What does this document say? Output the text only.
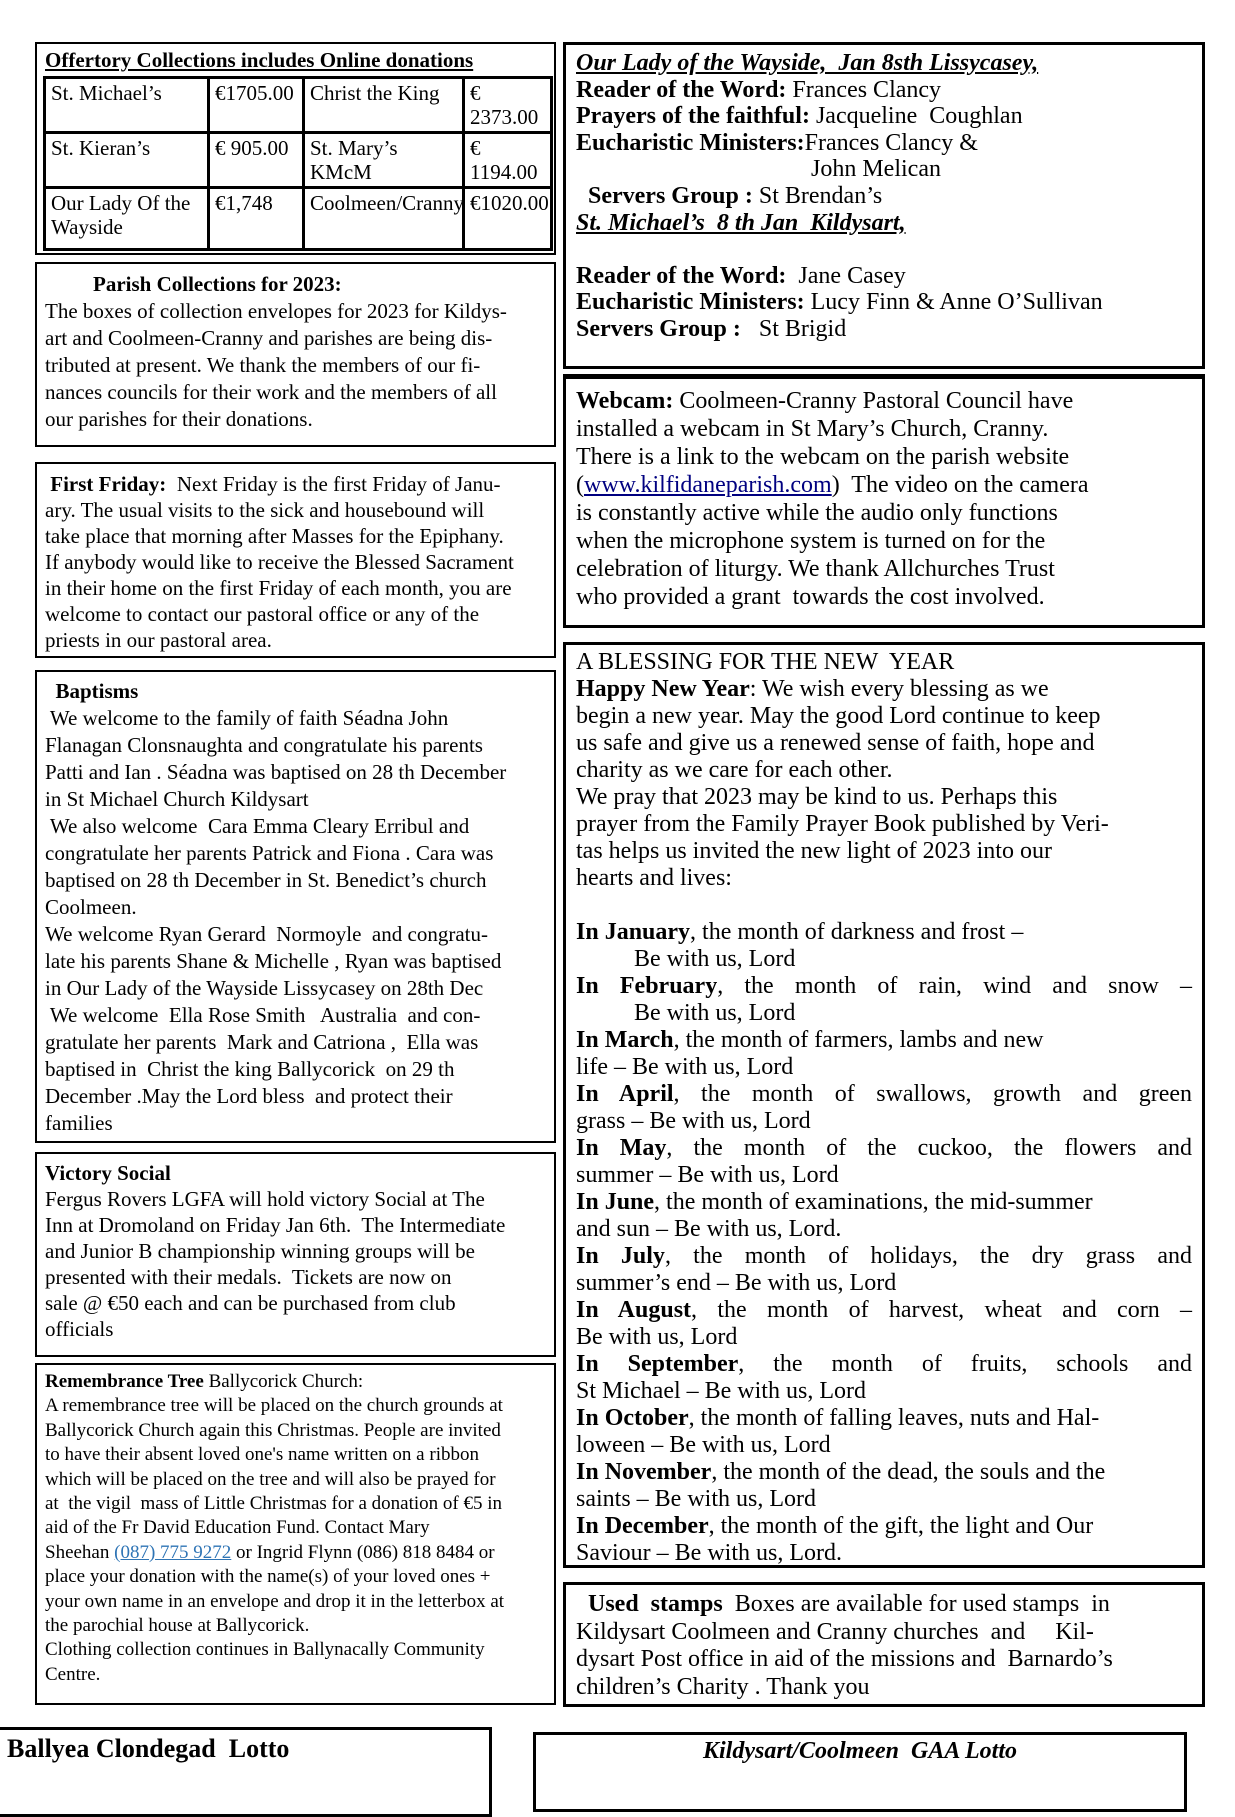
Offertory Collections includes Online donations
St. Michael’s	€1705.00	Christ the King	€ 2373.00
St. Kieran’s	€ 905.00	St. Mary’s KMcM	€ 1194.00
Our Lady Of the Wayside	€1,748	Coolmeen/Cranny	€1020.00
Parish Collections for 2023:
The boxes of collection envelopes for 2023 for Kildys-
art and Coolmeen-Cranny and parishes are being dis-
tributed at present. We thank the members of our fi-
nances councils for their work and the members of all
our parishes for their donations.
First Friday:  Next Friday is the first Friday of Janu-
ary. The usual visits to the sick and housebound will
take place that morning after Masses for the Epiphany.
If anybody would like to receive the Blessed Sacrament
in their home on the first Friday of each month, you are
welcome to contact our pastoral office or any of the
priests in our pastoral area.
Baptisms
We welcome to the family of faith Séadna John
Flanagan Clonsnaughta and congratulate his parents
Patti and Ian . Séadna was baptised on 28 th December
in St Michael Church Kildysart
We also welcome  Cara Emma Cleary Erribul and
congratulate her parents Patrick and Fiona . Cara was
baptised on 28 th December in St. Benedict’s church
Coolmeen.
We welcome Ryan Gerard  Normoyle  and congratu-
late his parents Shane & Michelle , Ryan was baptised
in Our Lady of the Wayside Lissycasey on 28th Dec
We welcome  Ella Rose Smith   Australia  and con-
gratulate her parents  Mark and Catriona ,  Ella was
baptised in  Christ the king Ballycorick  on 29 th
December .May the Lord bless  and protect their
families
Victory Social
Fergus Rovers LGFA will hold victory Social at The
Inn at Dromoland on Friday Jan 6th.  The Intermediate
and Junior B championship winning groups will be
presented with their medals.  Tickets are now on
sale @ €50 each and can be purchased from club
officials
Remembrance Tree Ballycorick Church:
A remembrance tree will be placed on the church grounds at
Ballycorick Church again this Christmas. People are invited
to have their absent loved one's name written on a ribbon
which will be placed on the tree and will also be prayed for
at  the vigil  mass of Little Christmas for a donation of €5 in
aid of the Fr David Education Fund. Contact Mary
Sheehan (087) 775 9272 or Ingrid Flynn (086) 818 8484 or
place your donation with the name(s) of your loved ones +
your own name in an envelope and drop it in the letterbox at
the parochial house at Ballycorick.
Clothing collection continues in Ballynacally Community
Centre.
Ballyea Clondegad  Lotto
Our Lady of the Wayside,  Jan 8sth Lissycasey,
Reader of the Word: Frances Clancy
Prayers of the faithful: Jacqueline  Coughlan
Eucharistic Ministers:Frances Clancy &
John Melican
Servers Group : St Brendan’s
St. Michael’s  8 th Jan  Kildysart,

Reader of the Word:  Jane Casey
Eucharistic Ministers: Lucy Finn & Anne O’Sullivan
Servers Group :   St Brigid
Webcam: Coolmeen-Cranny Pastoral Council have
installed a webcam in St Mary’s Church, Cranny.
There is a link to the webcam on the parish website
(www.kilfidaneparish.com)  The video on the camera
is constantly active while the audio only functions
when the microphone system is turned on for the
celebration of liturgy. We thank Allchurches Trust
who provided a grant  towards the cost involved.
A BLESSING FOR THE NEW  YEAR
Happy New Year: We wish every blessing as we
begin a new year. May the good Lord continue to keep
us safe and give us a renewed sense of faith, hope and
charity as we care for each other.
We pray that 2023 may be kind to us. Perhaps this
prayer from the Family Prayer Book published by Veri-
tas helps us invited the new light of 2023 into our
hearts and lives:

In January, the month of darkness and frost –
Be with us, Lord
In February, the month of rain, wind and snow –
Be with us, Lord
In March, the month of farmers, lambs and new
life – Be with us, Lord
In April, the month of swallows, growth and green
grass – Be with us, Lord
In May, the month of the cuckoo, the flowers and
summer – Be with us, Lord
In June, the month of examinations, the mid-summer
and sun – Be with us, Lord.
In July, the month of holidays, the dry grass and
summer’s end – Be with us, Lord
In August, the month of harvest, wheat and corn –
Be with us, Lord
In September, the month of fruits, schools and
St Michael – Be with us, Lord
In October, the month of falling leaves, nuts and Hal-
loween – Be with us, Lord
In November, the month of the dead, the souls and the
saints – Be with us, Lord
In December, the month of the gift, the light and Our
Saviour – Be with us, Lord.
Used  stamps  Boxes are available for used stamps  in
Kildysart Coolmeen and Cranny churches  and     Kil-
dysart Post office in aid of the missions and  Barnardo’s
children’s Charity . Thank you
Kildysart/Coolmeen  GAA Lotto
